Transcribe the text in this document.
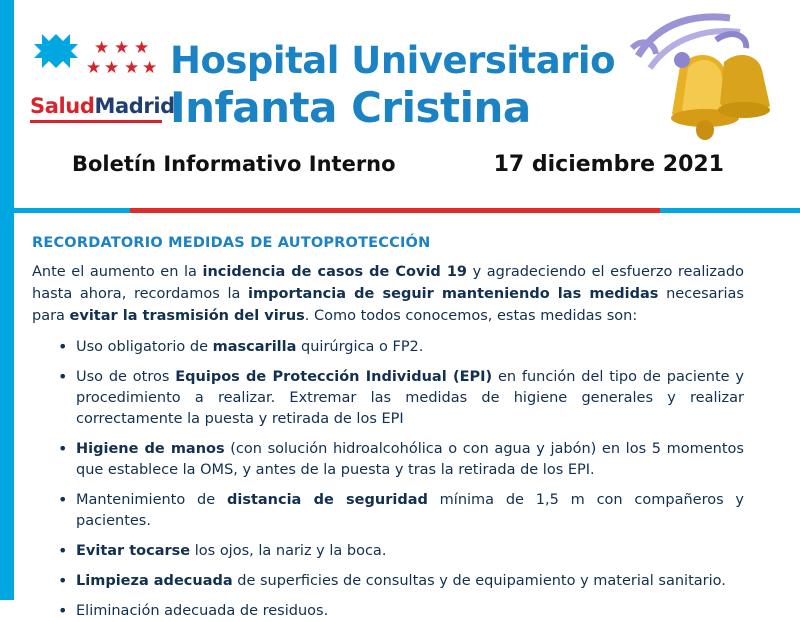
★ ★ ★
★ ★ ★ ★
SaludMadrid
Hospital Universitario
Infanta Cristina
Boletín Informativo Interno	17 diciembre 2021
RECORDATORIO MEDIDAS DE AUTOPROTECCIÓN

Ante el aumento en la incidencia de casos de Covid 19 y agradeciendo el esfuerzo realizado hasta ahora, recordamos la importancia de seguir manteniendo las medidas necesarias para evitar la trasmisión del virus. Como todos conocemos, estas medidas son:

• Uso obligatorio de mascarilla quirúrgica o FP2.
• Uso de otros Equipos de Protección Individual (EPI) en función del tipo de paciente y procedimiento a realizar. Extremar las medidas de higiene generales y realizar correctamente la puesta y retirada de los EPI
• Higiene de manos (con solución hidroalcohólica o con agua y jabón) en los 5 momentos que establece la OMS, y antes de la puesta y tras la retirada de los EPI.
• Mantenimiento de distancia de seguridad mínima de 1,5 m con compañeros y pacientes.
• Evitar tocarse los ojos, la nariz y la boca.
• Limpieza adecuada de superficies de consultas y de equipamiento y material sanitario.
• Eliminación adecuada de residuos.
